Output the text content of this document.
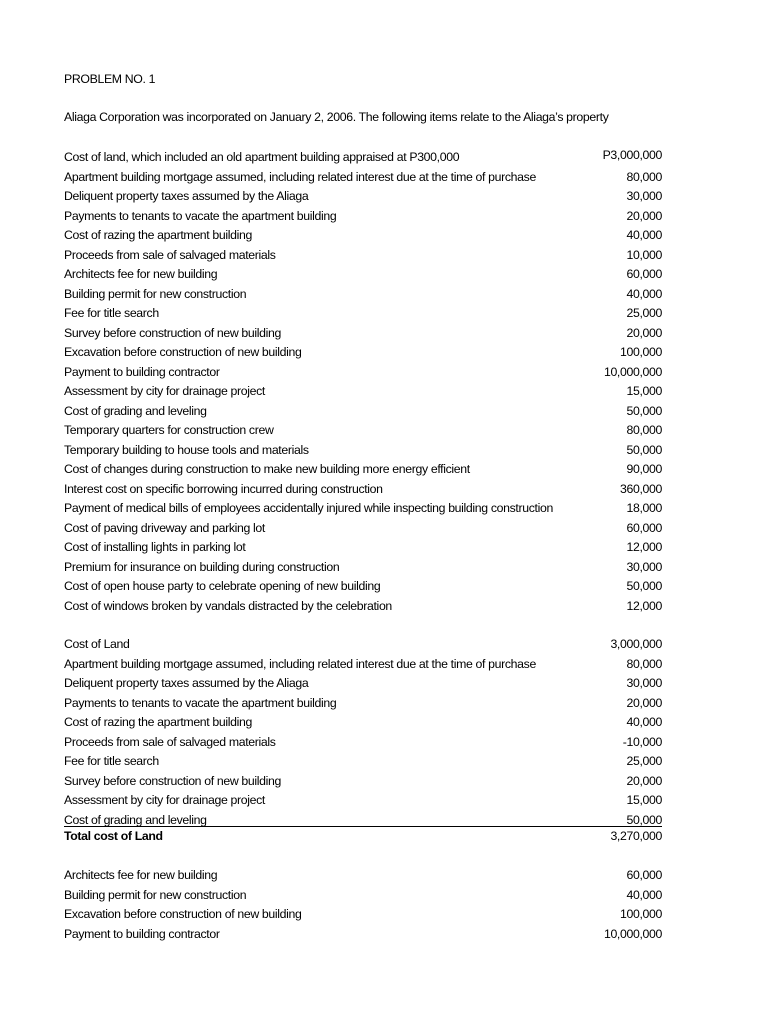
PROBLEM NO. 1
Aliaga Corporation was incorporated on January 2, 2006. The following items relate to the Aliaga’s property
Cost of land, which included an old apartment building appraised at P300,000	P3,000,000
Apartment building mortgage assumed, including related interest due at the time of purchase	80,000
Deliquent property taxes assumed by the Aliaga	30,000
Payments to tenants to vacate the apartment building	20,000
Cost of razing the apartment building	40,000
Proceeds from sale of salvaged materials	10,000
Architects fee for new building	60,000
Building permit for new construction	40,000
Fee for title search	25,000
Survey before construction of new building	20,000
Excavation before construction of new building	100,000
Payment to building contractor	10,000,000
Assessment by city for drainage project	15,000
Cost of grading and leveling	50,000
Temporary quarters for construction crew	80,000
Temporary building to house tools and materials	50,000
Cost of changes during construction to make new building more energy efficient	90,000
Interest cost on specific borrowing incurred during construction	360,000
Payment of medical bills of employees accidentally injured while inspecting building construction	18,000
Cost of paving driveway and parking lot	60,000
Cost of installing lights in parking lot	12,000
Premium for insurance on building during construction	30,000
Cost of open house party to celebrate opening of new building	50,000
Cost of windows broken by vandals distracted by the celebration	12,000
Cost of Land	3,000,000
Apartment building mortgage assumed, including related interest due at the time of purchase	80,000
Deliquent property taxes assumed by the Aliaga	30,000
Payments to tenants to vacate the apartment building	20,000
Cost of razing the apartment building	40,000
Proceeds from sale of salvaged materials	-10,000
Fee for title search	25,000
Survey before construction of new building	20,000
Assessment by city for drainage project	15,000
Cost of grading and leveling	50,000
Total cost of Land	3,270,000
Architects fee for new building	60,000
Building permit for new construction	40,000
Excavation before construction of new building	100,000
Payment to building contractor	10,000,000
